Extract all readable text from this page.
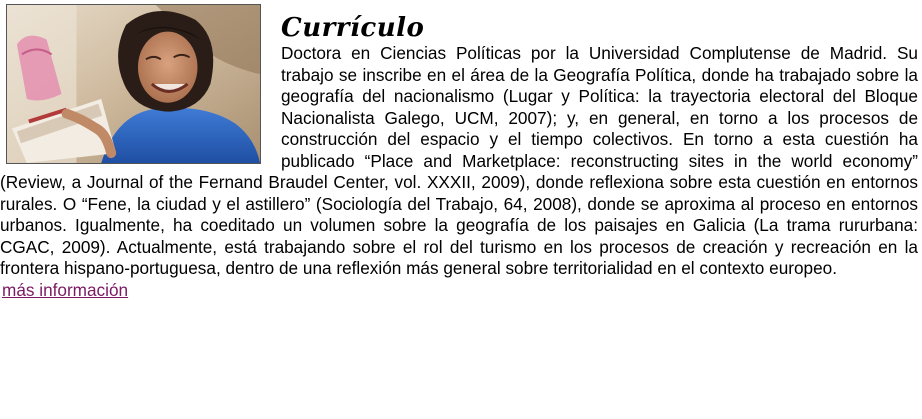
Currículo

Doctora en Ciencias Políticas por la Universidad Complutense de Madrid. Su trabajo se inscribe en el área de la Geografía Política, donde ha trabajado sobre la geografía del nacionalismo (Lugar y Política: la trayectoria electoral del Bloque Nacionalista Galego, UCM, 2007); y, en general, en torno a los procesos de construcción del espacio y el tiempo colectivos. En torno a esta cuestión ha publicado “Place and Marketplace: reconstructing sites in the world economy” (Review, a Journal of the Fernand Braudel Center, vol. XXXII, 2009), donde reflexiona sobre esta cuestión en entornos rurales. O “Fene, la ciudad y el astillero” (Sociología del Trabajo, 64, 2008), donde se aproxima al proceso en entornos urbanos. Igualmente, ha coeditado un volumen sobre la geografía de los paisajes en Galicia (La trama rururbana: CGAC, 2009). Actualmente, está trabajando sobre el rol del turismo en los procesos de creación y recreación en la frontera hispano-portuguesa, dentro de una reflexión más general sobre territorialidad en el contexto europeo.

más información
